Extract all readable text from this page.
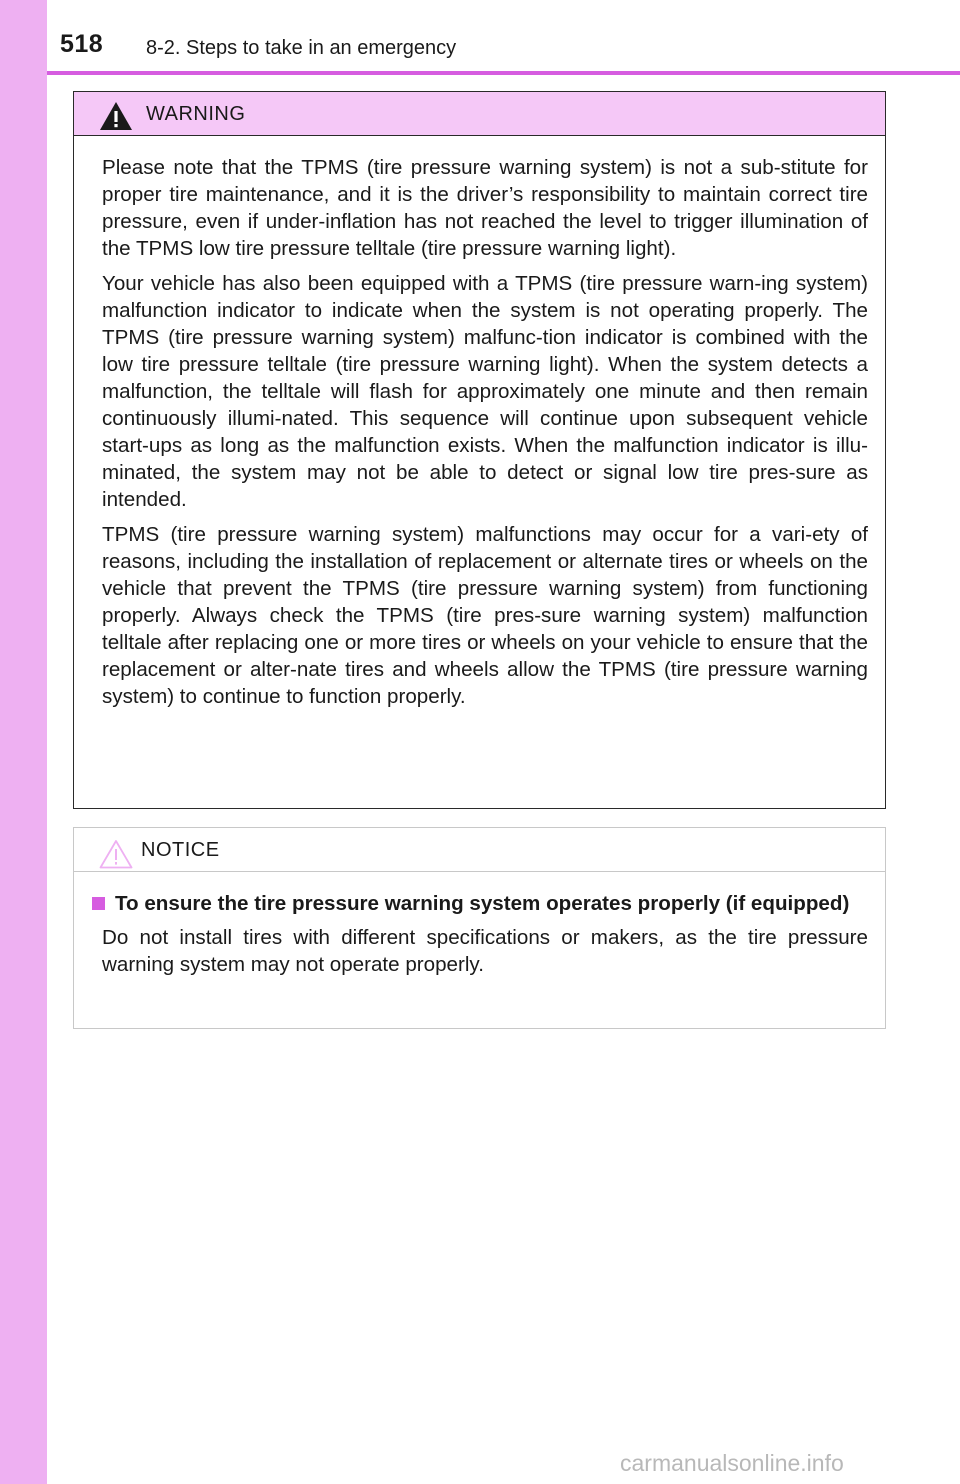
518 8-2. Steps to take in an emergency
WARNING

Please note that the TPMS (tire pressure warning system) is not a sub-stitute for proper tire maintenance, and it is the driver’s responsibility to maintain correct tire pressure, even if under-inflation has not reached the level to trigger illumination of the TPMS low tire pressure telltale (tire pressure warning light).

Your vehicle has also been equipped with a TPMS (tire pressure warn-ing system) malfunction indicator to indicate when the system is not operating properly. The TPMS (tire pressure warning system) malfunc-tion indicator is combined with the low tire pressure telltale (tire pressure warning light). When the system detects a malfunction, the telltale will flash for approximately one minute and then remain continuously illumi-nated. This sequence will continue upon subsequent vehicle start-ups as long as the malfunction exists. When the malfunction indicator is illu-minated, the system may not be able to detect or signal low tire pres-sure as intended.

TPMS (tire pressure warning system) malfunctions may occur for a vari-ety of reasons, including the installation of replacement or alternate tires or wheels on the vehicle that prevent the TPMS (tire pressure warning system) from functioning properly. Always check the TPMS (tire pres-sure warning system) malfunction telltale after replacing one or more tires or wheels on your vehicle to ensure that the replacement or alter-nate tires and wheels allow the TPMS (tire pressure warning system) to continue to function properly.

NOTICE
To ensure the tire pressure warning system operates properly (if equipped)

Do not install tires with different specifications or makers, as the tire pressure warning system may not operate properly.

carmanualsonline.info
